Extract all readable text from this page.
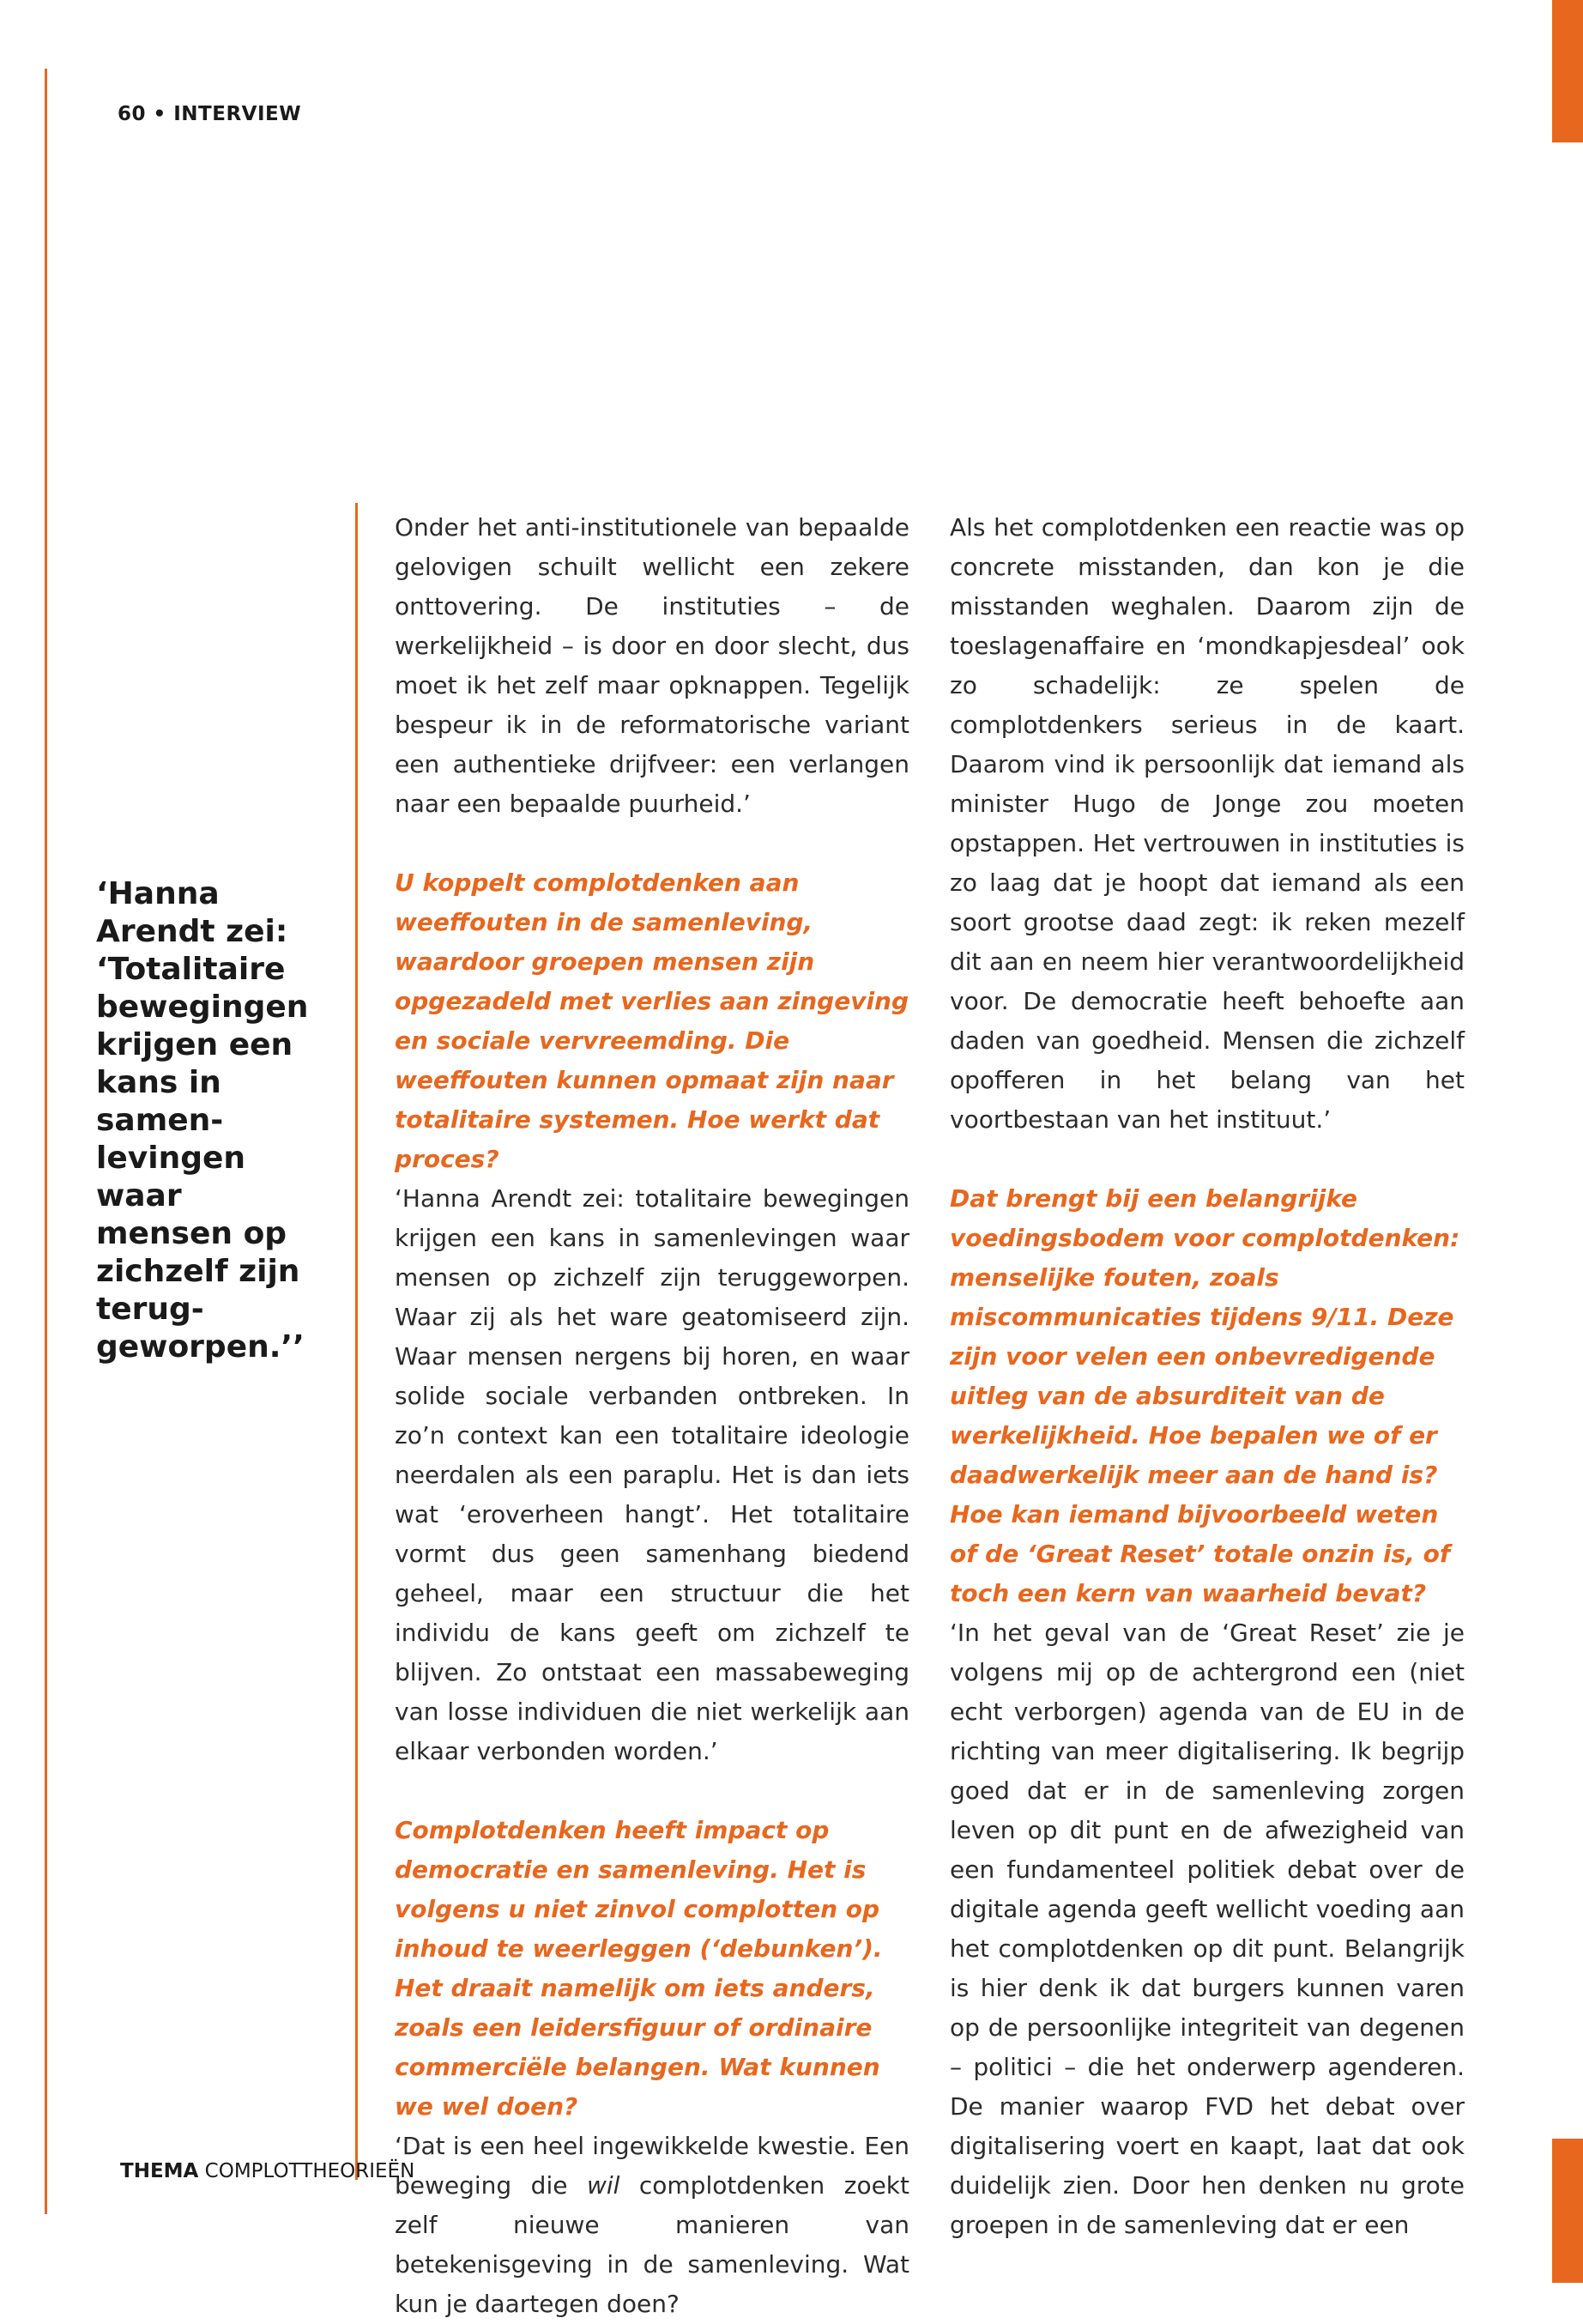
60 • INTERVIEW
‘Hanna Arendt zei: ‘Totalitaire bewegingen krijgen een kans in samen-levingen waar mensen op zichzelf zijn terug-geworpen.’’

Onder het anti-institutionele van bepaalde gelovigen schuilt wellicht een zekere onttovering. De instituties – de werkelijkheid – is door en door slecht, dus moet ik het zelf maar opknappen. Tegelijk bespeur ik in de reformatorische variant een authentieke drijfveer: een verlangen naar een bepaalde puurheid.’

U koppelt complotdenken aan weeffouten in de samenleving, waardoor groepen mensen zijn opgezadeld met verlies aan zingeving en sociale vervreemding. Die weeffouten kunnen opmaat zijn naar totalitaire systemen. Hoe werkt dat proces?

‘Hanna Arendt zei: totalitaire bewegingen krijgen een kans in samenlevingen waar mensen op zichzelf zijn teruggeworpen. Waar zij als het ware geatomiseerd zijn. Waar mensen nergens bij horen, en waar solide sociale verbanden ontbreken. In zo’n context kan een totalitaire ideologie neerdalen als een paraplu. Het is dan iets wat ‘eroverheen hangt’. Het totalitaire vormt dus geen samenhang biedend geheel, maar een structuur die het individu de kans geeft om zichzelf te blijven. Zo ontstaat een massabeweging van losse individuen die niet werkelijk aan elkaar verbonden worden.’

Complotdenken heeft impact op democratie en samenleving. Het is volgens u niet zinvol complotten op inhoud te weerleggen (‘debunken’). Het draait namelijk om iets anders, zoals een leidersfiguur of ordinaire commerciële belangen. Wat kunnen we wel doen?

‘Dat is een heel ingewikkelde kwestie. Een beweging die wil complotdenken zoekt zelf nieuwe manieren van betekenisgeving in de samenleving. Wat kun je daartegen doen?

Als het complotdenken een reactie was op concrete misstanden, dan kon je die misstanden weghalen. Daarom zijn de toeslagenaffaire en ‘mondkapjesdeal’ ook zo schadelijk: ze spelen de complotdenkers serieus in de kaart. Daarom vind ik persoonlijk dat iemand als minister Hugo de Jonge zou moeten opstappen. Het vertrouwen in instituties is zo laag dat je hoopt dat iemand als een soort grootse daad zegt: ik reken mezelf dit aan en neem hier verantwoordelijkheid voor. De democratie heeft behoefte aan daden van goedheid. Mensen die zichzelf opofferen in het belang van het voortbestaan van het instituut.’

Dat brengt bij een belangrijke voedingsbodem voor complotdenken: menselijke fouten, zoals miscommunicaties tijdens 9/11. Deze zijn voor velen een onbevredigende uitleg van de absurditeit van de werkelijkheid. Hoe bepalen we of er daadwerkelijk meer aan de hand is? Hoe kan iemand bijvoorbeeld weten of de ‘Great Reset’ totale onzin is, of toch een kern van waarheid bevat?

‘In het geval van de ‘Great Reset’ zie je volgens mij op de achtergrond een (niet echt verborgen) agenda van de EU in de richting van meer digitalisering. Ik begrijp goed dat er in de samenleving zorgen leven op dit punt en de afwezigheid van een fundamenteel politiek debat over de digitale agenda geeft wellicht voeding aan het complotdenken op dit punt. Belangrijk is hier denk ik dat burgers kunnen varen op de persoonlijke integriteit van degenen – politici – die het onderwerp agenderen. De manier waarop FVD het debat over digitalisering voert en kaapt, laat dat ook duidelijk zien. Door hen denken nu grote groepen in de samenleving dat er een

THEMA COMPLOTTHEORIEËN
